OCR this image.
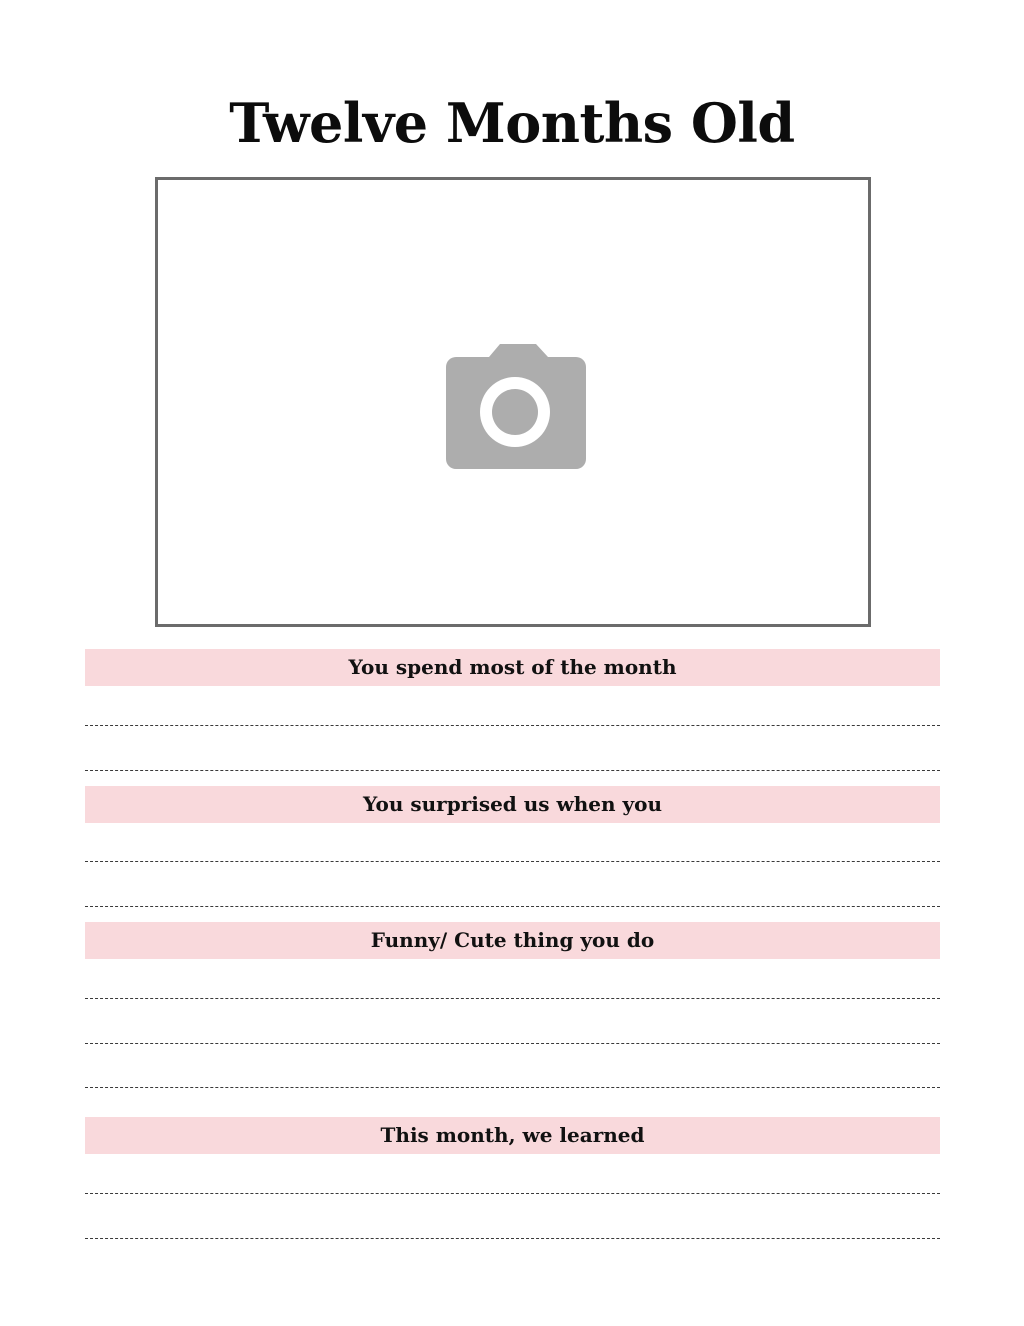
Twelve Months Old
You spend most of the month
You surprised us when you
Funny/ Cute thing you do
This month, we learned
